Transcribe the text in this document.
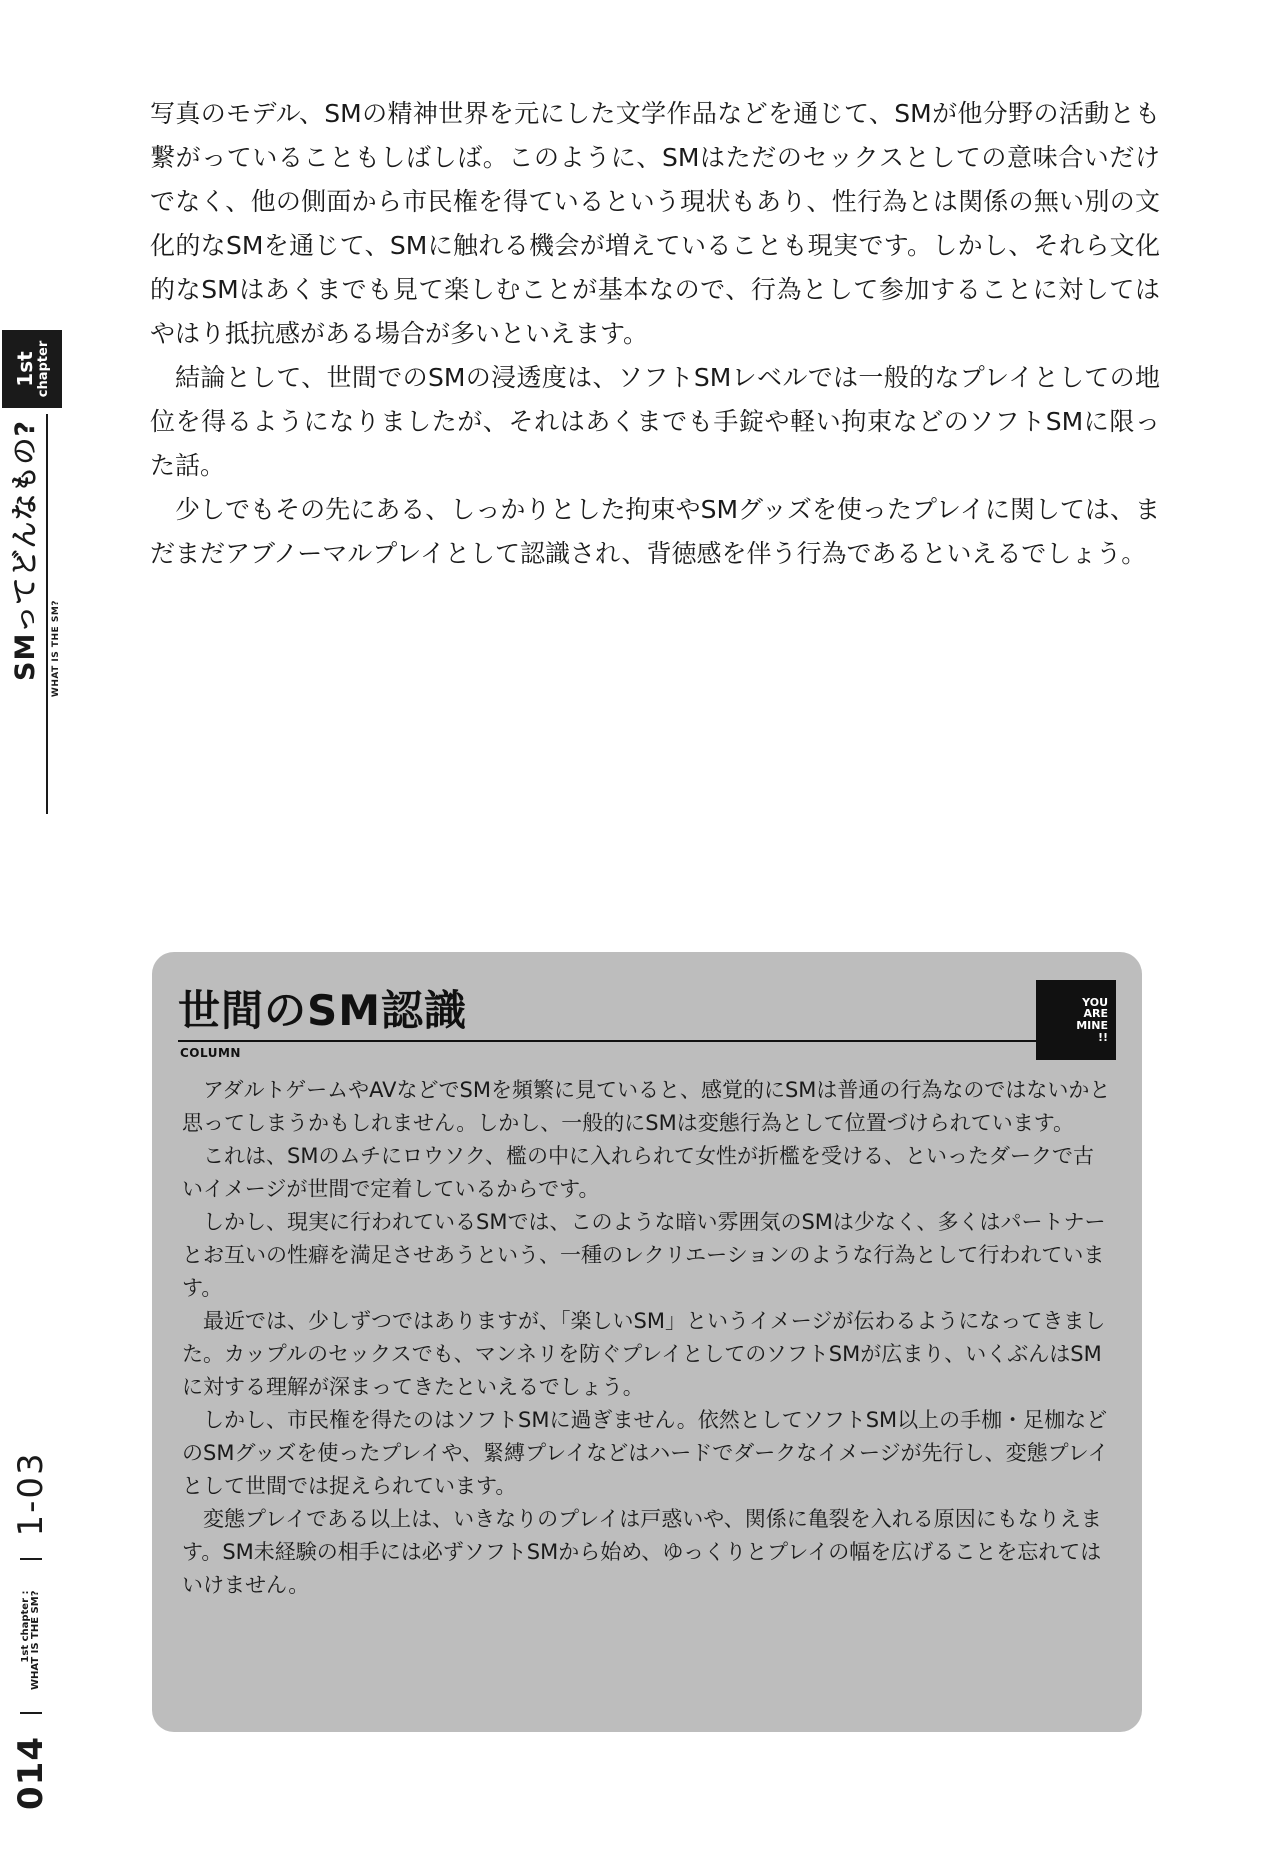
1st chapter
SMってどんなもの? WHAT IS THE SM?
014
1st chapter : WHAT IS THE SM?
1-03

写真のモデル、SMの精神世界を元にした文学作品などを通じて、SMが他分野の活動とも繋がっていることもしばしば。このように、SMはただのセックスとしての意味合いだけでなく、他の側面から市民権を得ているという現状もあり、性行為とは関係の無い別の文化的なSMを通じて、SMに触れる機会が増えていることも現実です。しかし、それら文化的なSMはあくまでも見て楽しむことが基本なので、行為として参加することに対してはやはり抵抗感がある場合が多いといえます。

結論として、世間でのSMの浸透度は、ソフトSMレベルでは一般的なプレイとしての地位を得るようになりましたが、それはあくまでも手錠や軽い拘束などのソフトSMに限った話。

少しでもその先にある、しっかりとした拘束やSMグッズを使ったプレイに関しては、まだまだアブノーマルプレイとして認識され、背徳感を伴う行為であるといえるでしょう。

世間のSM認識
COLUMN
YOU
ARE
MINE
!!

アダルトゲームやAVなどでSMを頻繁に見ていると、感覚的にSMは普通の行為なのではないかと思ってしまうかもしれません。しかし、一般的にSMは変態行為として位置づけられています。

これは、SMのムチにロウソク、檻の中に入れられて女性が折檻を受ける、といったダークで古いイメージが世間で定着しているからです。

しかし、現実に行われているSMでは、このような暗い雰囲気のSMは少なく、多くはパートナーとお互いの性癖を満足させあうという、一種のレクリエーションのような行為として行われています。

最近では、少しずつではありますが、「楽しいSM」というイメージが伝わるようになってきました。カップルのセックスでも、マンネリを防ぐプレイとしてのソフトSMが広まり、いくぶんはSMに対する理解が深まってきたといえるでしょう。

しかし、市民権を得たのはソフトSMに過ぎません。依然としてソフトSM以上の手枷・足枷などのSMグッズを使ったプレイや、緊縛プレイなどはハードでダークなイメージが先行し、変態プレイとして世間では捉えられています。

変態プレイである以上は、いきなりのプレイは戸惑いや、関係に亀裂を入れる原因にもなりえます。SM未経験の相手には必ずソフトSMから始め、ゆっくりとプレイの幅を広げることを忘れてはいけません。
